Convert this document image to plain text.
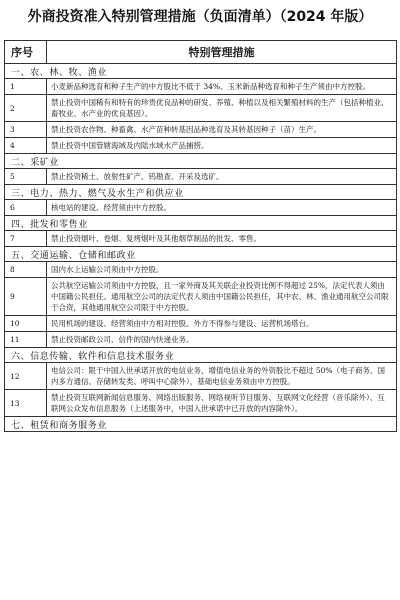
外商投资准入特别管理措施（负面清单）（2024 年版）
序号	特别管理措施
一、农、林、牧、渔业	
1	小麦新品种选育和种子生产的中方股比不低于 34%、玉米新品种选育和种子生产须由中方控股。
2	禁止投资中国稀有和特有的珍贵优良品种的研发、养殖、种植以及相关繁殖材料的生产（包括种植业、畜牧业、水产业的优良基因）。
3	禁止投资农作物、种畜禽、水产苗种转基因品种选育及其转基因种子（苗）生产。
4	禁止投资中国管辖海域及内陆水域水产品捕捞。
二、采矿业	
5	禁止投资稀土、放射性矿产、钨勘查、开采及选矿。
三、电力、热力、燃气及水生产和供应业	
6	核电站的建设、经营须由中方控股。
四、批发和零售业	
7	禁止投资烟叶、卷烟、复烤烟叶及其他烟草制品的批发、零售。
五、交通运输、仓储和邮政业	
8	国内水上运输公司须由中方控股。
9	公共航空运输公司须由中方控股，且一家外商及其关联企业投资比例不得超过 25%，法定代表人须由中国籍公民担任。通用航空公司的法定代表人须由中国籍公民担任，其中农、林、渔业通用航空公司限于合资，其他通用航空公司限于中方控股。
10	民用机场的建设、经营须由中方相对控股。外方不得参与建设、运营机场塔台。
11	禁止投资邮政公司、信件的国内快递业务。
六、信息传输、软件和信息技术服务业	
12	电信公司：限于中国入世承诺开放的电信业务，增值电信业务的外资股比不超过 50%（电子商务、国内多方通信、存储转发类、呼叫中心除外），基础电信业务须由中方控股。
13	禁止投资互联网新闻信息服务、网络出版服务、网络视听节目服务、互联网文化经营（音乐除外）、互联网公众发布信息服务（上述服务中，中国入世承诺中已开放的内容除外）。
七、租赁和商务服务业	
